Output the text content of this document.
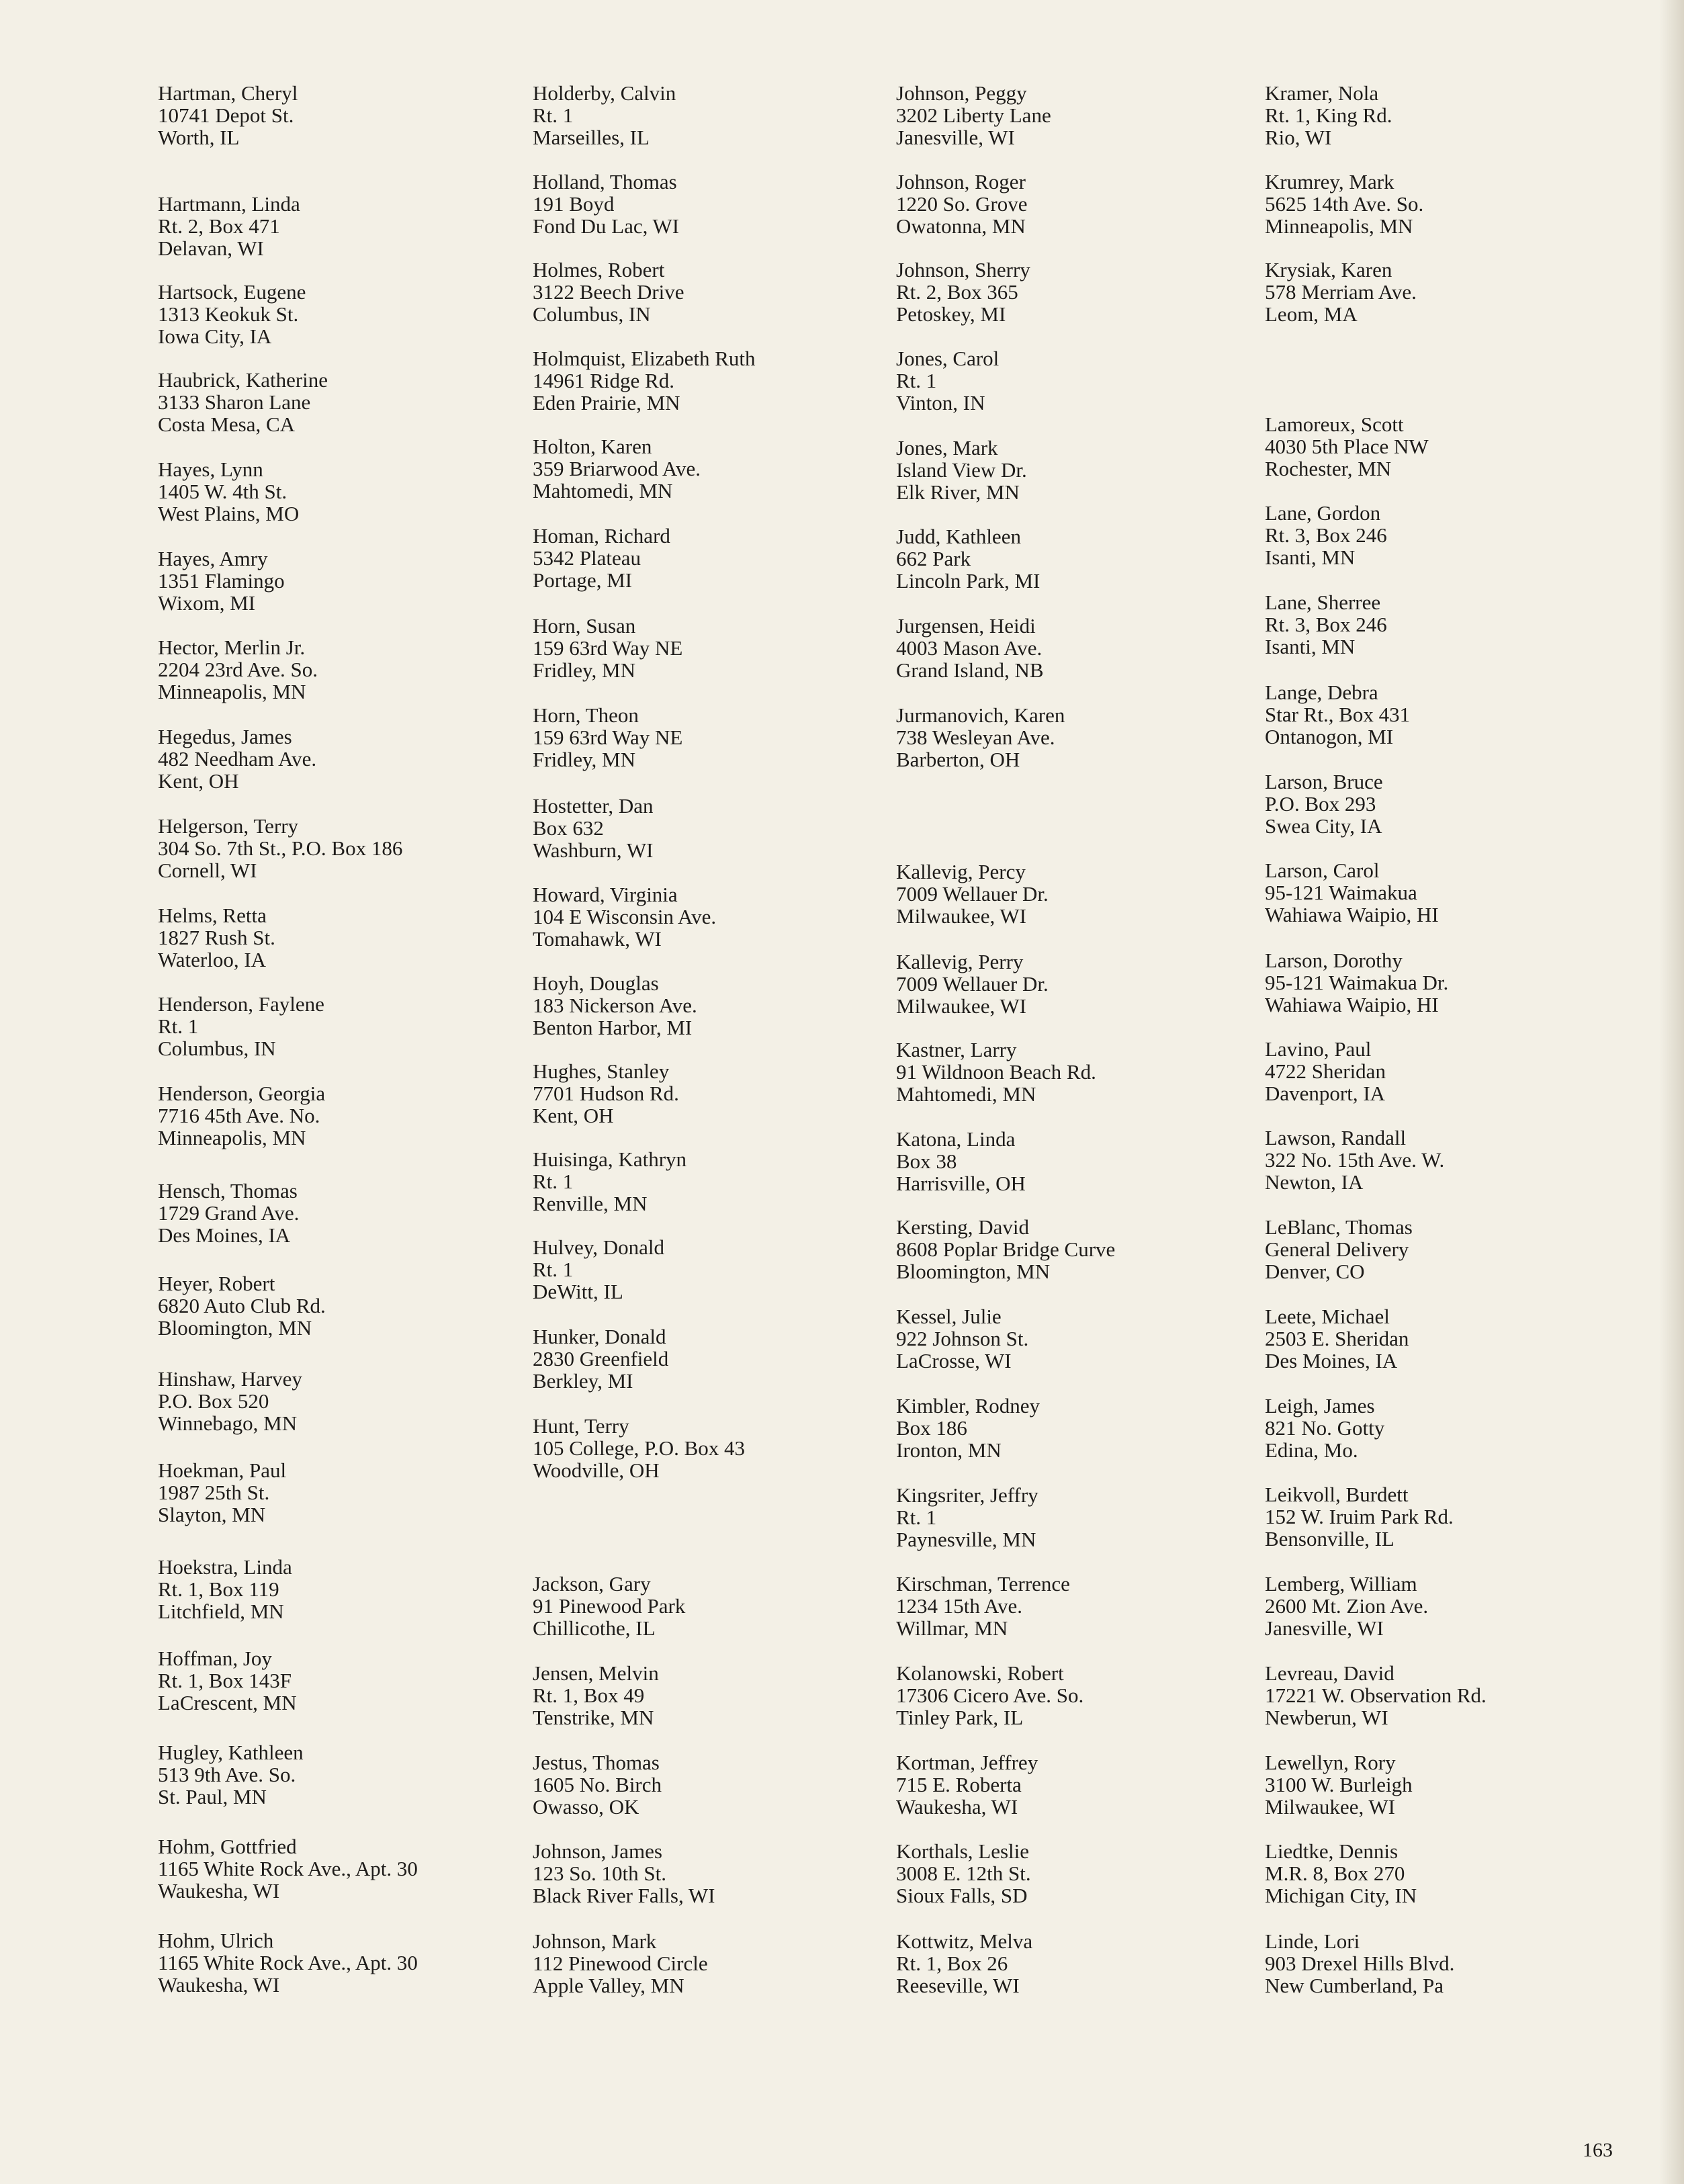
Hartman, Cheryl
10741 Depot St.
Worth, IL
Hartmann, Linda
Rt. 2, Box 471
Delavan, WI
Hartsock, Eugene
1313 Keokuk St.
Iowa City, IA
Haubrick, Katherine
3133 Sharon Lane
Costa Mesa, CA
Hayes, Lynn
1405 W. 4th St.
West Plains, MO
Hayes, Amry
1351 Flamingo
Wixom, MI
Hector, Merlin Jr.
2204 23rd Ave. So.
Minneapolis, MN
Hegedus, James
482 Needham Ave.
Kent, OH
Helgerson, Terry
304 So. 7th St., P.O. Box 186
Cornell, WI
Helms, Retta
1827 Rush St.
Waterloo, IA
Henderson, Faylene
Rt. 1
Columbus, IN
Henderson, Georgia
7716 45th Ave. No.
Minneapolis, MN
Hensch, Thomas
1729 Grand Ave.
Des Moines, IA
Heyer, Robert
6820 Auto Club Rd.
Bloomington, MN
Hinshaw, Harvey
P.O. Box 520
Winnebago, MN
Hoekman, Paul
1987 25th St.
Slayton, MN
Hoekstra, Linda
Rt. 1, Box 119
Litchfield, MN
Hoffman, Joy
Rt. 1, Box 143F
LaCrescent, MN
Hugley, Kathleen
513 9th Ave. So.
St. Paul, MN
Hohm, Gottfried
1165 White Rock Ave., Apt. 30
Waukesha, WI
Hohm, Ulrich
1165 White Rock Ave., Apt. 30
Waukesha, WI
Holderby, Calvin
Rt. 1
Marseilles, IL
Holland, Thomas
191 Boyd
Fond Du Lac, WI
Holmes, Robert
3122 Beech Drive
Columbus, IN
Holmquist, Elizabeth Ruth
14961 Ridge Rd.
Eden Prairie, MN
Holton, Karen
359 Briarwood Ave.
Mahtomedi, MN
Homan, Richard
5342 Plateau
Portage, MI
Horn, Susan
159 63rd Way NE
Fridley, MN
Horn, Theon
159 63rd Way NE
Fridley, MN
Hostetter, Dan
Box 632
Washburn, WI
Howard, Virginia
104 E Wisconsin Ave.
Tomahawk, WI
Hoyh, Douglas
183 Nickerson Ave.
Benton Harbor, MI
Hughes, Stanley
7701 Hudson Rd.
Kent, OH
Huisinga, Kathryn
Rt. 1
Renville, MN
Hulvey, Donald
Rt. 1
DeWitt, IL
Hunker, Donald
2830 Greenfield
Berkley, MI
Hunt, Terry
105 College, P.O. Box 43
Woodville, OH
Jackson, Gary
91 Pinewood Park
Chillicothe, IL
Jensen, Melvin
Rt. 1, Box 49
Tenstrike, MN
Jestus, Thomas
1605 No. Birch
Owasso, OK
Johnson, James
123 So. 10th St.
Black River Falls, WI
Johnson, Mark
112 Pinewood Circle
Apple Valley, MN
Johnson, Peggy
3202 Liberty Lane
Janesville, WI
Johnson, Roger
1220 So. Grove
Owatonna, MN
Johnson, Sherry
Rt. 2, Box 365
Petoskey, MI
Jones, Carol
Rt. 1
Vinton, IN
Jones, Mark
Island View Dr.
Elk River, MN
Judd, Kathleen
662 Park
Lincoln Park, MI
Jurgensen, Heidi
4003 Mason Ave.
Grand Island, NB
Jurmanovich, Karen
738 Wesleyan Ave.
Barberton, OH
Kallevig, Percy
7009 Wellauer Dr.
Milwaukee, WI
Kallevig, Perry
7009 Wellauer Dr.
Milwaukee, WI
Kastner, Larry
91 Wildnoon Beach Rd.
Mahtomedi, MN
Katona, Linda
Box 38
Harrisville, OH
Kersting, David
8608 Poplar Bridge Curve
Bloomington, MN
Kessel, Julie
922 Johnson St.
LaCrosse, WI
Kimbler, Rodney
Box 186
Ironton, MN
Kingsriter, Jeffry
Rt. 1
Paynesville, MN
Kirschman, Terrence
1234 15th Ave.
Willmar, MN
Kolanowski, Robert
17306 Cicero Ave. So.
Tinley Park, IL
Kortman, Jeffrey
715 E. Roberta
Waukesha, WI
Korthals, Leslie
3008 E. 12th St.
Sioux Falls, SD
Kottwitz, Melva
Rt. 1, Box 26
Reeseville, WI
Kramer, Nola
Rt. 1, King Rd.
Rio, WI
Krumrey, Mark
5625 14th Ave. So.
Minneapolis, MN
Krysiak, Karen
578 Merriam Ave.
Leom, MA
Lamoreux, Scott
4030 5th Place NW
Rochester, MN
Lane, Gordon
Rt. 3, Box 246
Isanti, MN
Lane, Sherree
Rt. 3, Box 246
Isanti, MN
Lange, Debra
Star Rt., Box 431
Ontanogon, MI
Larson, Bruce
P.O. Box 293
Swea City, IA
Larson, Carol
95-121 Waimakua
Wahiawa Waipio, HI
Larson, Dorothy
95-121 Waimakua Dr.
Wahiawa Waipio, HI
Lavino, Paul
4722 Sheridan
Davenport, IA
Lawson, Randall
322 No. 15th Ave. W.
Newton, IA
LeBlanc, Thomas
General Delivery
Denver, CO
Leete, Michael
2503 E. Sheridan
Des Moines, IA
Leigh, James
821 No. Gotty
Edina, Mo.
Leikvoll, Burdett
152 W. Iruim Park Rd.
Bensonville, IL
Lemberg, William
2600 Mt. Zion Ave.
Janesville, WI
Levreau, David
17221 W. Observation Rd.
Newberun, WI
Lewellyn, Rory
3100 W. Burleigh
Milwaukee, WI
Liedtke, Dennis
M.R. 8, Box 270
Michigan City, IN
Linde, Lori
903 Drexel Hills Blvd.
New Cumberland, Pa
163
